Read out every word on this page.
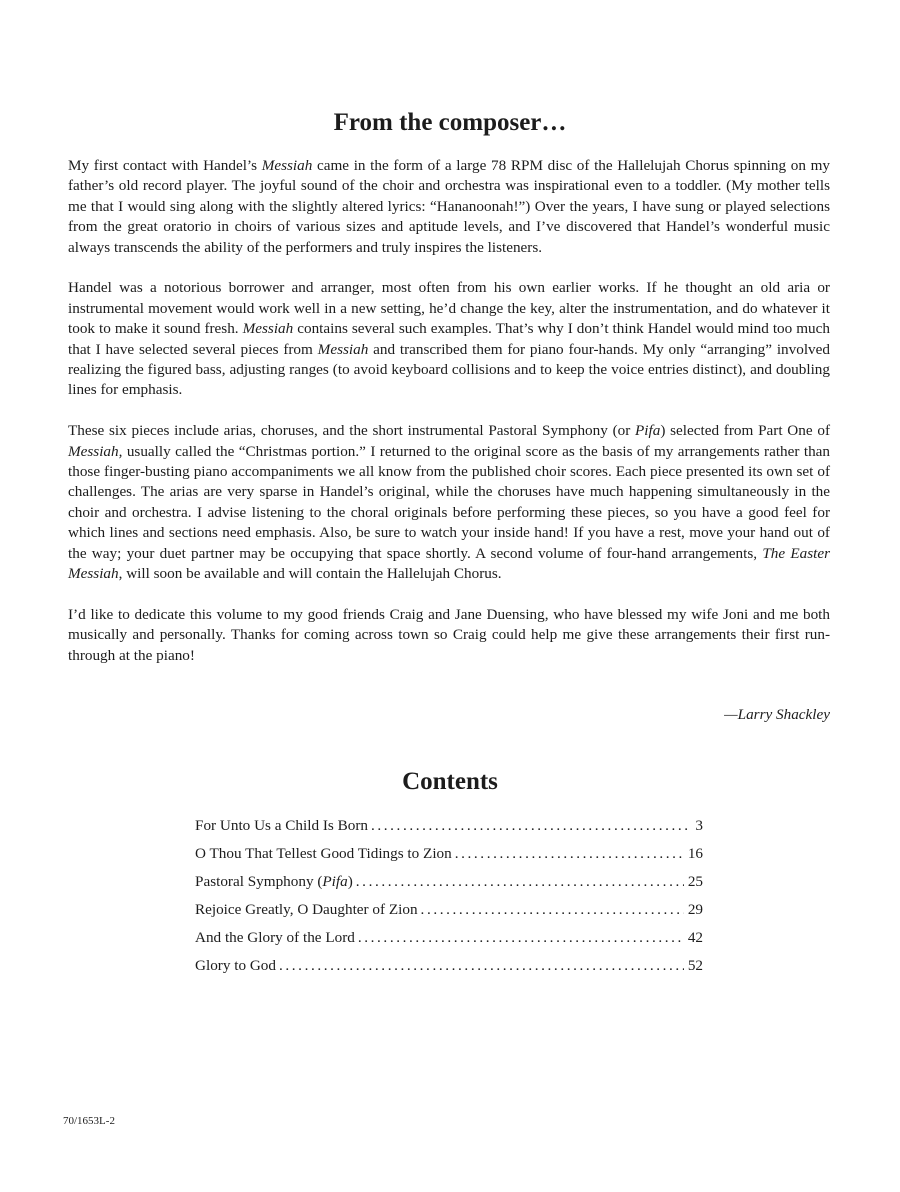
From the composer…

My first contact with Handel’s Messiah came in the form of a large 78 RPM disc of the Hallelujah Chorus spinning on my father’s old record player. The joyful sound of the choir and orchestra was inspirational even to a toddler. (My mother tells me that I would sing along with the slightly altered lyrics: “Hananoonah!”) Over the years, I have sung or played selections from the great oratorio in choirs of various sizes and aptitude levels, and I’ve discovered that Handel’s wonderful music always transcends the ability of the performers and truly inspires the listeners.

Handel was a notorious borrower and arranger, most often from his own earlier works. If he thought an old aria or instrumental movement would work well in a new setting, he’d change the key, alter the instrumentation, and do whatever it took to make it sound fresh. Messiah contains several such examples. That’s why I don’t think Handel would mind too much that I have selected several pieces from Messiah and transcribed them for piano four-hands. My only “arranging” involved realizing the figured bass, adjusting ranges (to avoid keyboard collisions and to keep the voice entries distinct), and doubling lines for emphasis.

These six pieces include arias, choruses, and the short instrumental Pastoral Symphony (or Pifa) selected from Part One of Messiah, usually called the “Christmas portion.” I returned to the original score as the basis of my arrangements rather than those finger-busting piano accompaniments we all know from the published choir scores. Each piece presented its own set of challenges. The arias are very sparse in Handel’s original, while the choruses have much happening simultaneously in the choir and orchestra. I advise listening to the choral originals before performing these pieces, so you have a good feel for which lines and sections need emphasis. Also, be sure to watch your inside hand! If you have a rest, move your hand out of the way; your duet partner may be occupying that space shortly. A second volume of four-hand arrangements, The Easter Messiah, will soon be available and will contain the Hallelujah Chorus.

I’d like to dedicate this volume to my good friends Craig and Jane Duensing, who have blessed my wife Joni and me both musically and personally. Thanks for coming across town so Craig could help me give these arrangements their first run-through at the piano!

—Larry Shackley
Contents
For Unto Us a Child Is Born . . .	3
O Thou That Tellest Good Tidings to Zion . . .	16
Pastoral Symphony (Pifa) . . .	25
Rejoice Greatly, O Daughter of Zion . . .	29
And the Glory of the Lord . . .	42
Glory to God . . .	52
70/1653L-2
